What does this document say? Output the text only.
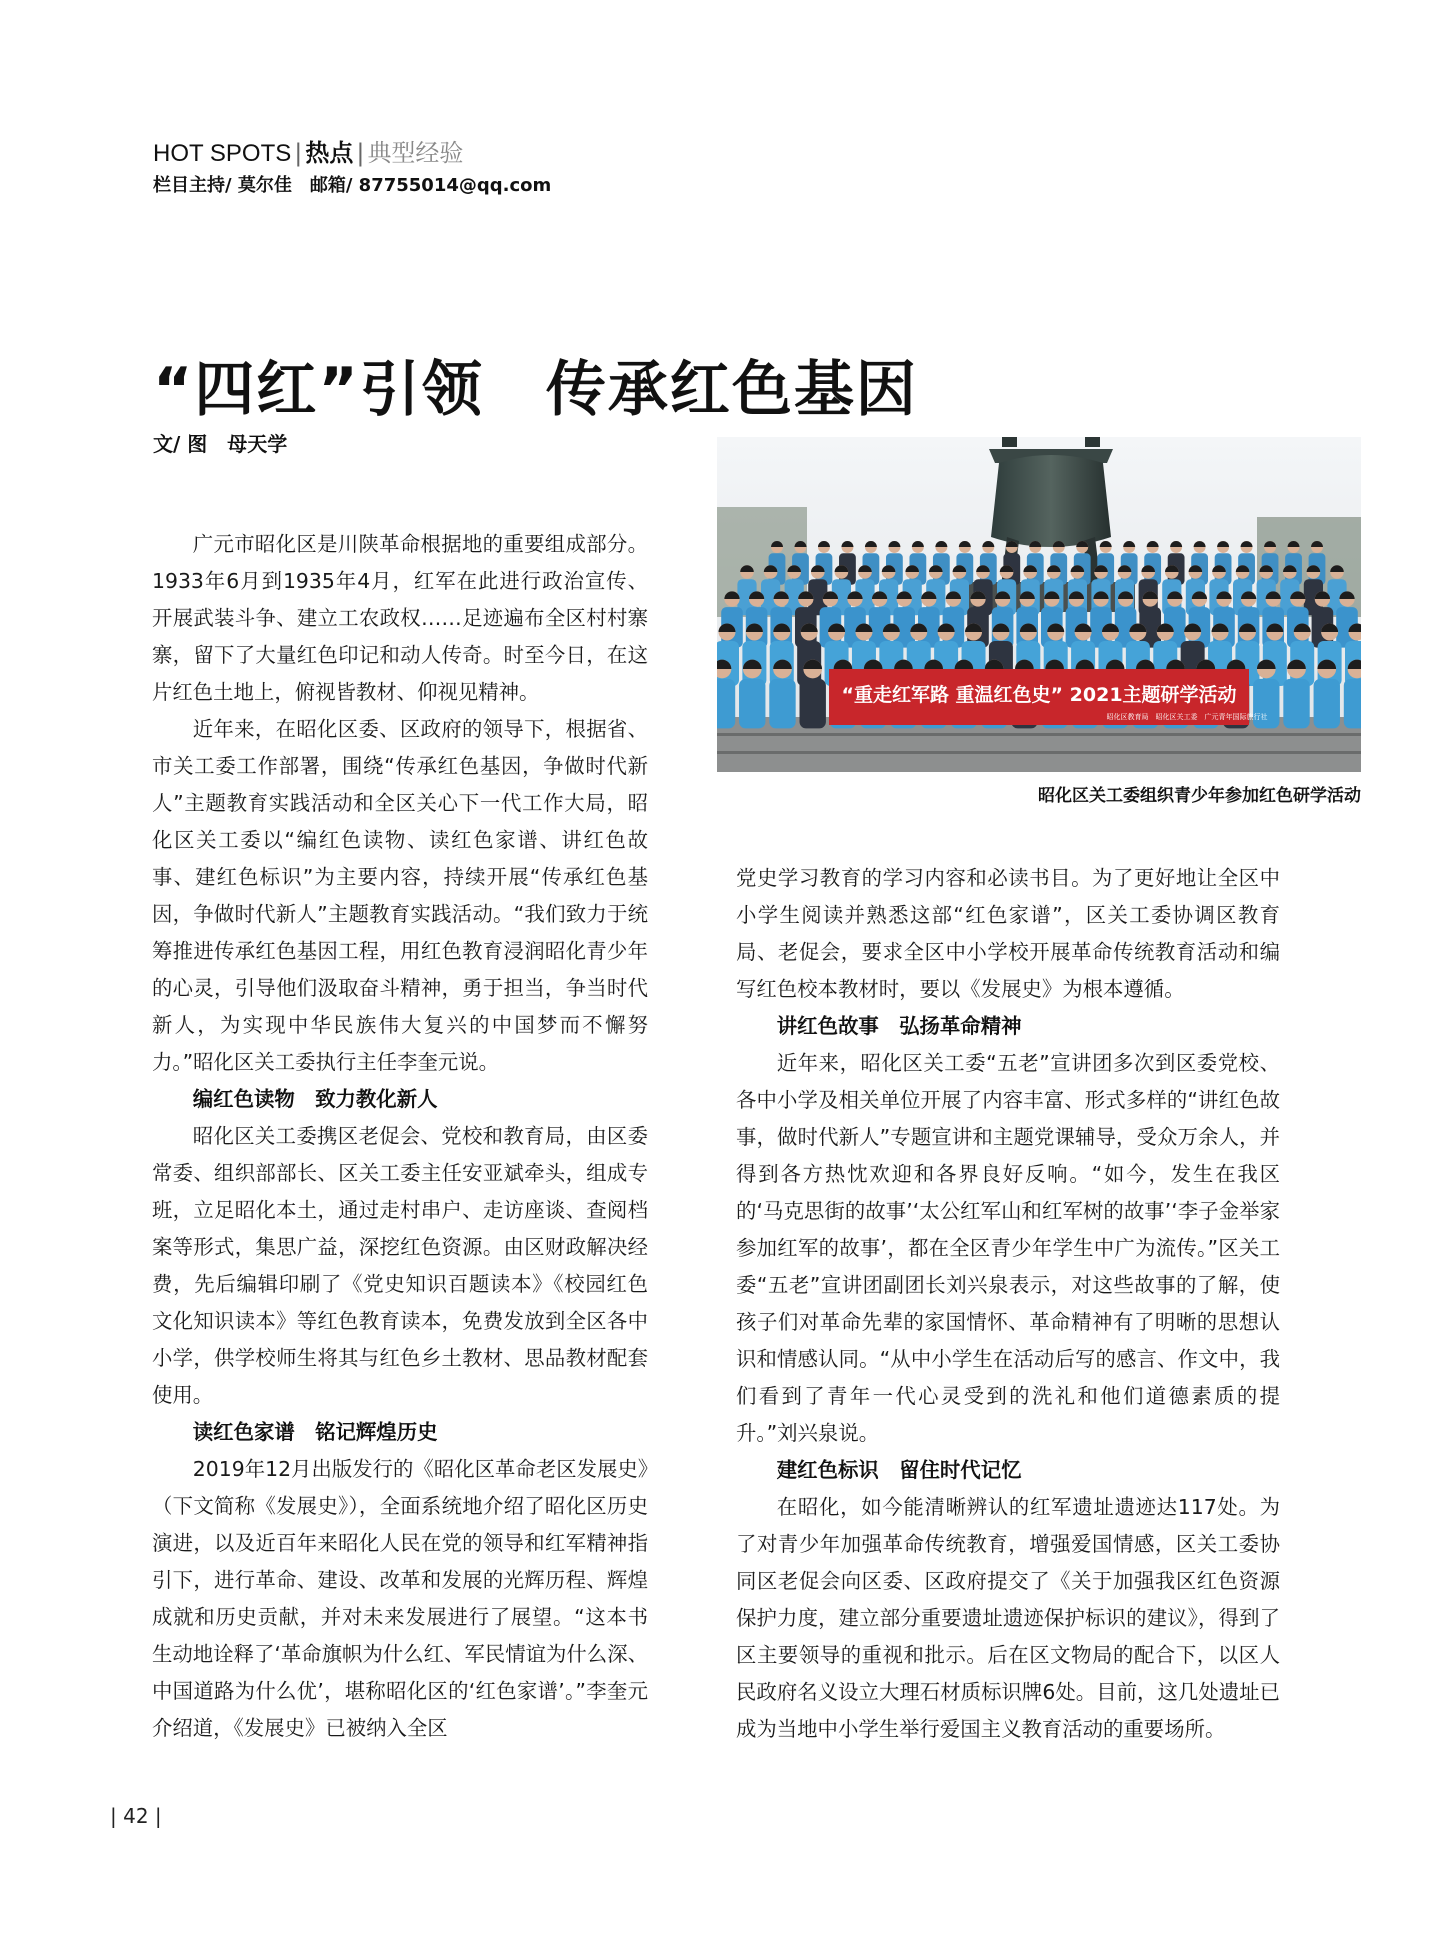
HOT SPOTS | 热点 | 典型经验
栏目主持/ 莫尔佳　邮箱/ 87755014@qq.com
“四红”引领　传承红色基因
文/ 图　母天学

广元市昭化区是川陕革命根据地的重要组成部分。1933年6月到1935年4月，红军在此进行政治宣传、开展武装斗争、建立工农政权……足迹遍布全区村村寨寨，留下了大量红色印记和动人传奇。时至今日，在这片红色土地上，俯视皆教材、仰视见精神。

近年来，在昭化区委、区政府的领导下，根据省、市关工委工作部署，围绕“传承红色基因，争做时代新人”主题教育实践活动和全区关心下一代工作大局，昭化区关工委以“编红色读物、读红色家谱、讲红色故事、建红色标识”为主要内容，持续开展“传承红色基因，争做时代新人”主题教育实践活动。“我们致力于统筹推进传承红色基因工程，用红色教育浸润昭化青少年的心灵，引导他们汲取奋斗精神，勇于担当，争当时代新人，为实现中华民族伟大复兴的中国梦而不懈努力。”昭化区关工委执行主任李奎元说。

编红色读物　致力教化新人

昭化区关工委携区老促会、党校和教育局，由区委常委、组织部部长、区关工委主任安亚斌牵头，组成专班，立足昭化本土，通过走村串户、走访座谈、查阅档案等形式，集思广益，深挖红色资源。由区财政解决经费，先后编辑印刷了《党史知识百题读本》《校园红色文化知识读本》等红色教育读本，免费发放到全区各中小学，供学校师生将其与红色乡土教材、思品教材配套使用。

读红色家谱　铭记辉煌历史

2019年12月出版发行的《昭化区革命老区发展史》（下文简称《发展史》），全面系统地介绍了昭化区历史演进，以及近百年来昭化人民在党的领导和红军精神指引下，进行革命、建设、改革和发展的光辉历程、辉煌成就和历史贡献，并对未来发展进行了展望。“这本书生动地诠释了‘革命旗帜为什么红、军民情谊为什么深、中国道路为什么优’，堪称昭化区的‘红色家谱’。”李奎元介绍道，《发展史》已被纳入全区

“重走红军路 重温红色史” 2021主题研学活动
昭化区教育局　昭化区关工委　广元青年国际旅行社
昭化区关工委组织青少年参加红色研学活动

党史学习教育的学习内容和必读书目。为了更好地让全区中小学生阅读并熟悉这部“红色家谱”，区关工委协调区教育局、老促会，要求全区中小学校开展革命传统教育活动和编写红色校本教材时，要以《发展史》为根本遵循。

讲红色故事　弘扬革命精神

近年来，昭化区关工委“五老”宣讲团多次到区委党校、各中小学及相关单位开展了内容丰富、形式多样的“讲红色故事，做时代新人”专题宣讲和主题党课辅导，受众万余人，并得到各方热忱欢迎和各界良好反响。“如今，发生在我区的‘马克思街的故事’‘太公红军山和红军树的故事’‘李子金举家参加红军的故事’，都在全区青少年学生中广为流传。”区关工委“五老”宣讲团副团长刘兴泉表示，对这些故事的了解，使孩子们对革命先辈的家国情怀、革命精神有了明晰的思想认识和情感认同。“从中小学生在活动后写的感言、作文中，我们看到了青年一代心灵受到的洗礼和他们道德素质的提升。”刘兴泉说。

建红色标识　留住时代记忆

在昭化，如今能清晰辨认的红军遗址遗迹达117处。为了对青少年加强革命传统教育，增强爱国情感，区关工委协同区老促会向区委、区政府提交了《关于加强我区红色资源保护力度，建立部分重要遗址遗迹保护标识的建议》，得到了区主要领导的重视和批示。后在区文物局的配合下，以区人民政府名义设立大理石材质标识牌6处。目前，这几处遗址已成为当地中小学生举行爱国主义教育活动的重要场所。

| 42 |
